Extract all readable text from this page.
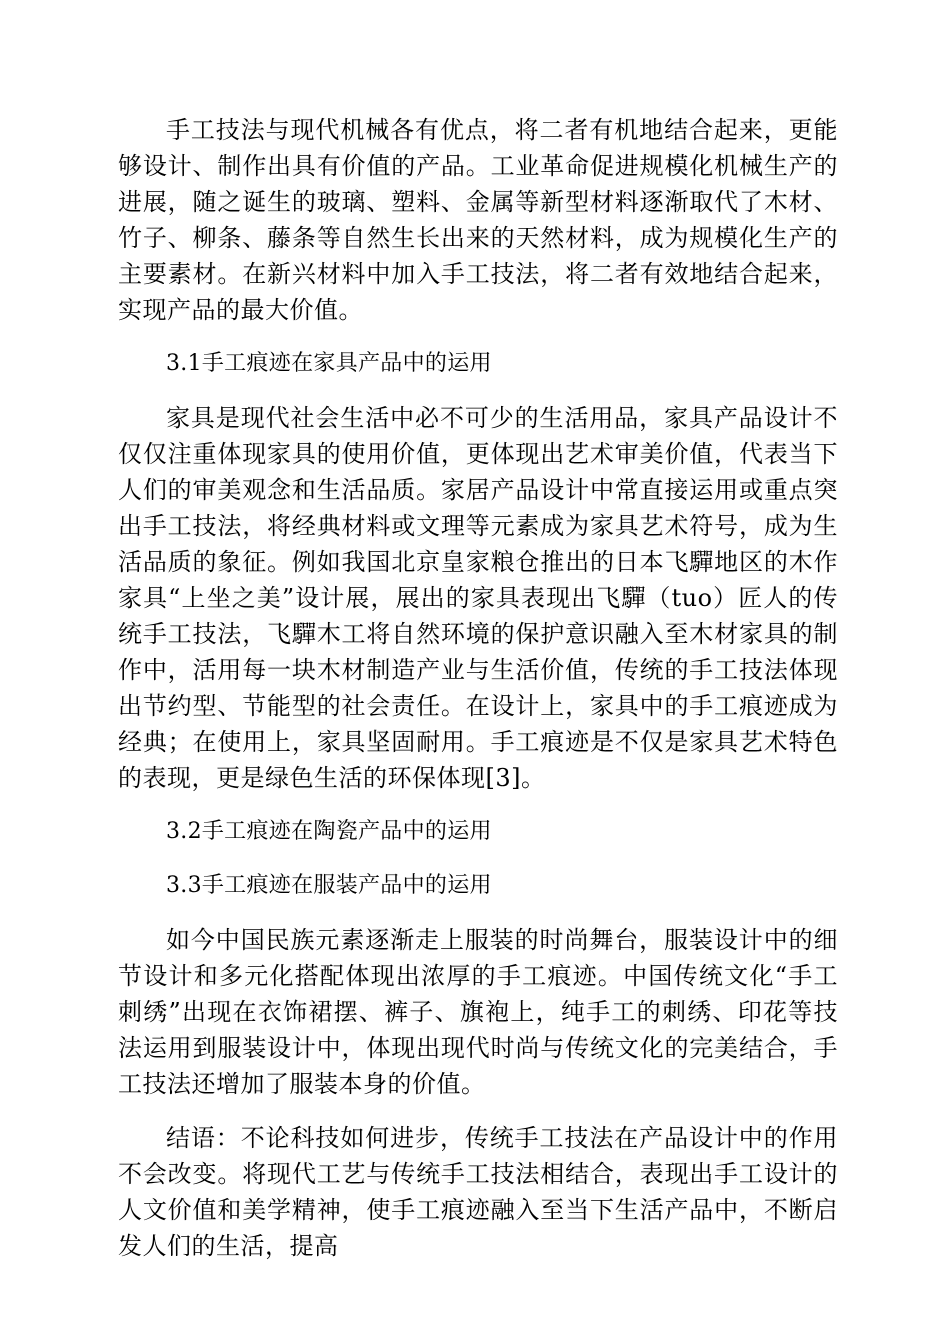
手工技法与现代机械各有优点，将二者有机地结合起来，更能够设计、制作出具有价值的产品。工业革命促进规模化机械生产的进展，随之诞生的玻璃、塑料、金属等新型材料逐渐取代了木材、竹子、柳条、藤条等自然生长出来的天然材料，成为规模化生产的主要素材。在新兴材料中加入手工技法，将二者有效地结合起来，实现产品的最大价值。

3.1手工痕迹在家具产品中的运用

家具是现代社会生活中必不可少的生活用品，家具产品设计不仅仅注重体现家具的使用价值，更体现出艺术审美价值，代表当下人们的审美观念和生活品质。家居产品设计中常直接运用或重点突出手工技法，将经典材料或文理等元素成为家具艺术符号，成为生活品质的象征。例如我国北京皇家粮仓推出的日本飞驒地区的木作家具“上坐之美”设计展，展出的家具表现出飞驒（tuo）匠人的传统手工技法，飞驒木工将自然环境的保护意识融入至木材家具的制作中，活用每一块木材制造产业与生活价值，传统的手工技法体现出节约型、节能型的社会责任。在设计上，家具中的手工痕迹成为经典；在使用上，家具坚固耐用。手工痕迹是不仅是家具艺术特色的表现，更是绿色生活的环保体现[3]。

3.2手工痕迹在陶瓷产品中的运用

3.3手工痕迹在服装产品中的运用

如今中国民族元素逐渐走上服装的时尚舞台，服装设计中的细节设计和多元化搭配体现出浓厚的手工痕迹。中国传统文化“手工刺绣”出现在衣饰裙摆、裤子、旗袍上，纯手工的刺绣、印花等技法运用到服装设计中，体现出现代时尚与传统文化的完美结合，手工技法还增加了服装本身的价值。

结语：不论科技如何进步，传统手工技法在产品设计中的作用不会改变。将现代工艺与传统手工技法相结合，表现出手工设计的人文价值和美学精神，使手工痕迹融入至当下生活产品中，不断启发人们的生活，提高
